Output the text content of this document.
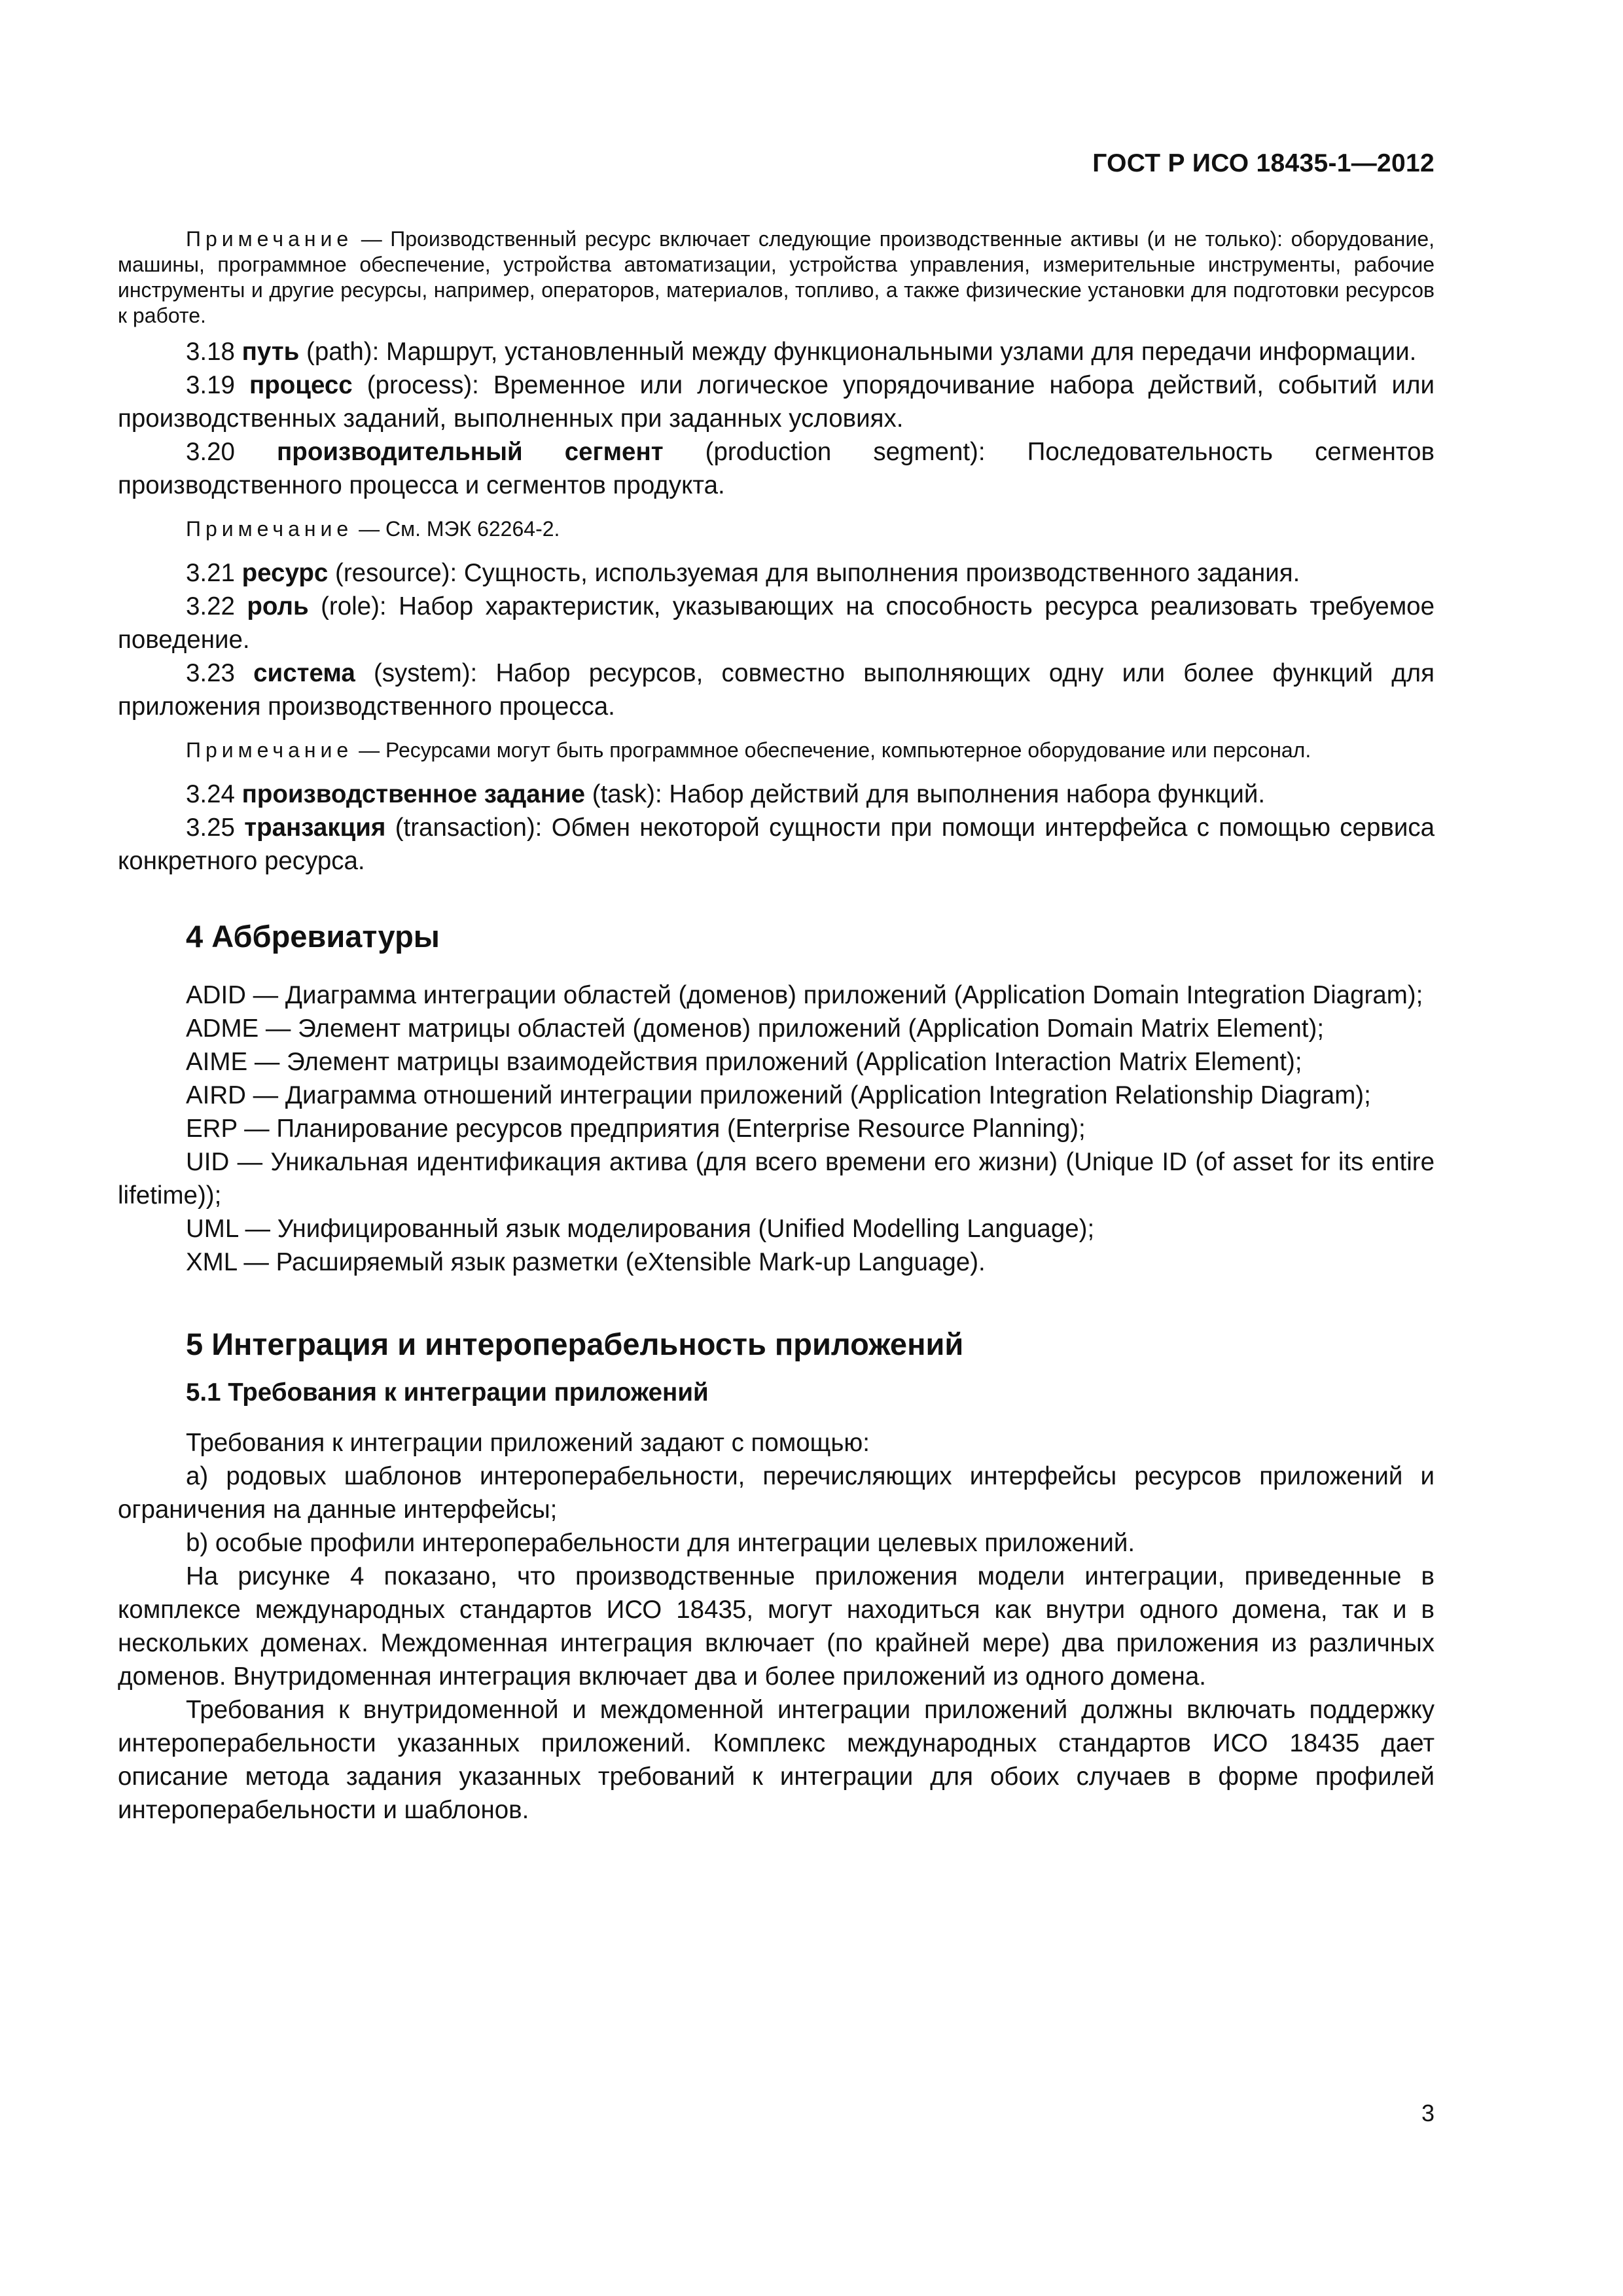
ГОСТ Р ИСО 18435-1—2012

Примечание — Производственный ресурс включает следующие производственные активы (и не только): оборудование, машины, программное обеспечение, устройства автоматизации, устройства управления, измерительные инструменты, рабочие инструменты и другие ресурсы, например, операторов, материалов, топливо, а также физические установки для подготовки ресурсов к работе.

3.18 путь (path): Маршрут, установленный между функциональными узлами для передачи информации.

3.19 процесс (process): Временное или логическое упорядочивание набора действий, событий или производственных заданий, выполненных при заданных условиях.

3.20 производительный сегмент (production segment): Последовательность сегментов производственного процесса и сегментов продукта.

Примечание — См. МЭК 62264-2.

3.21 ресурс (resource): Сущность, используемая для выполнения производственного задания.

3.22 роль (role): Набор характеристик, указывающих на способность ресурса реализовать требуемое поведение.

3.23 система (system): Набор ресурсов, совместно выполняющих одну или более функций для приложения производственного процесса.

Примечание — Ресурсами могут быть программное обеспечение, компьютерное оборудование или персонал.

3.24 производственное задание (task): Набор действий для выполнения набора функций.

3.25 транзакция (transaction): Обмен некоторой сущности при помощи интерфейса с помощью сервиса конкретного ресурса.

4 Аббревиатуры

ADID — Диаграмма интеграции областей (доменов) приложений (Application Domain Integration Diagram);

ADME — Элемент матрицы областей (доменов) приложений (Application Domain Matrix Element);

AIME — Элемент матрицы взаимодействия приложений (Application Interaction Matrix Element);

AIRD — Диаграмма отношений интеграции приложений (Application Integration Relationship Diagram);

ERP — Планирование ресурсов предприятия (Enterprise Resource Planning);

UID — Уникальная идентификация актива (для всего времени его жизни) (Unique ID (of asset for its entire lifetime));

UML — Унифицированный язык моделирования (Unified Modelling Language);

XML — Расширяемый язык разметки (eXtensible Mark-up Language).

5 Интеграция и интероперабельность приложений
5.1 Требования к интеграции приложений

Требования к интеграции приложений задают с помощью:

a) родовых шаблонов интероперабельности, перечисляющих интерфейсы ресурсов приложений и ограничения на данные интерфейсы;

b) особые профили интероперабельности для интеграции целевых приложений.

На рисунке 4 показано, что производственные приложения модели интеграции, приведенные в комплексе международных стандартов ИСО 18435, могут находиться как внутри одного домена, так и в нескольких доменах. Междоменная интеграция включает (по крайней мере) два приложения из различных доменов. Внутридоменная интеграция включает два и более приложений из одного домена.

Требования к внутридоменной и междоменной интеграции приложений должны включать поддержку интероперабельности указанных приложений. Комплекс международных стандартов ИСО 18435 дает описание метода задания указанных требований к интеграции для обоих случаев в форме профилей интероперабельности и шаблонов.

3
